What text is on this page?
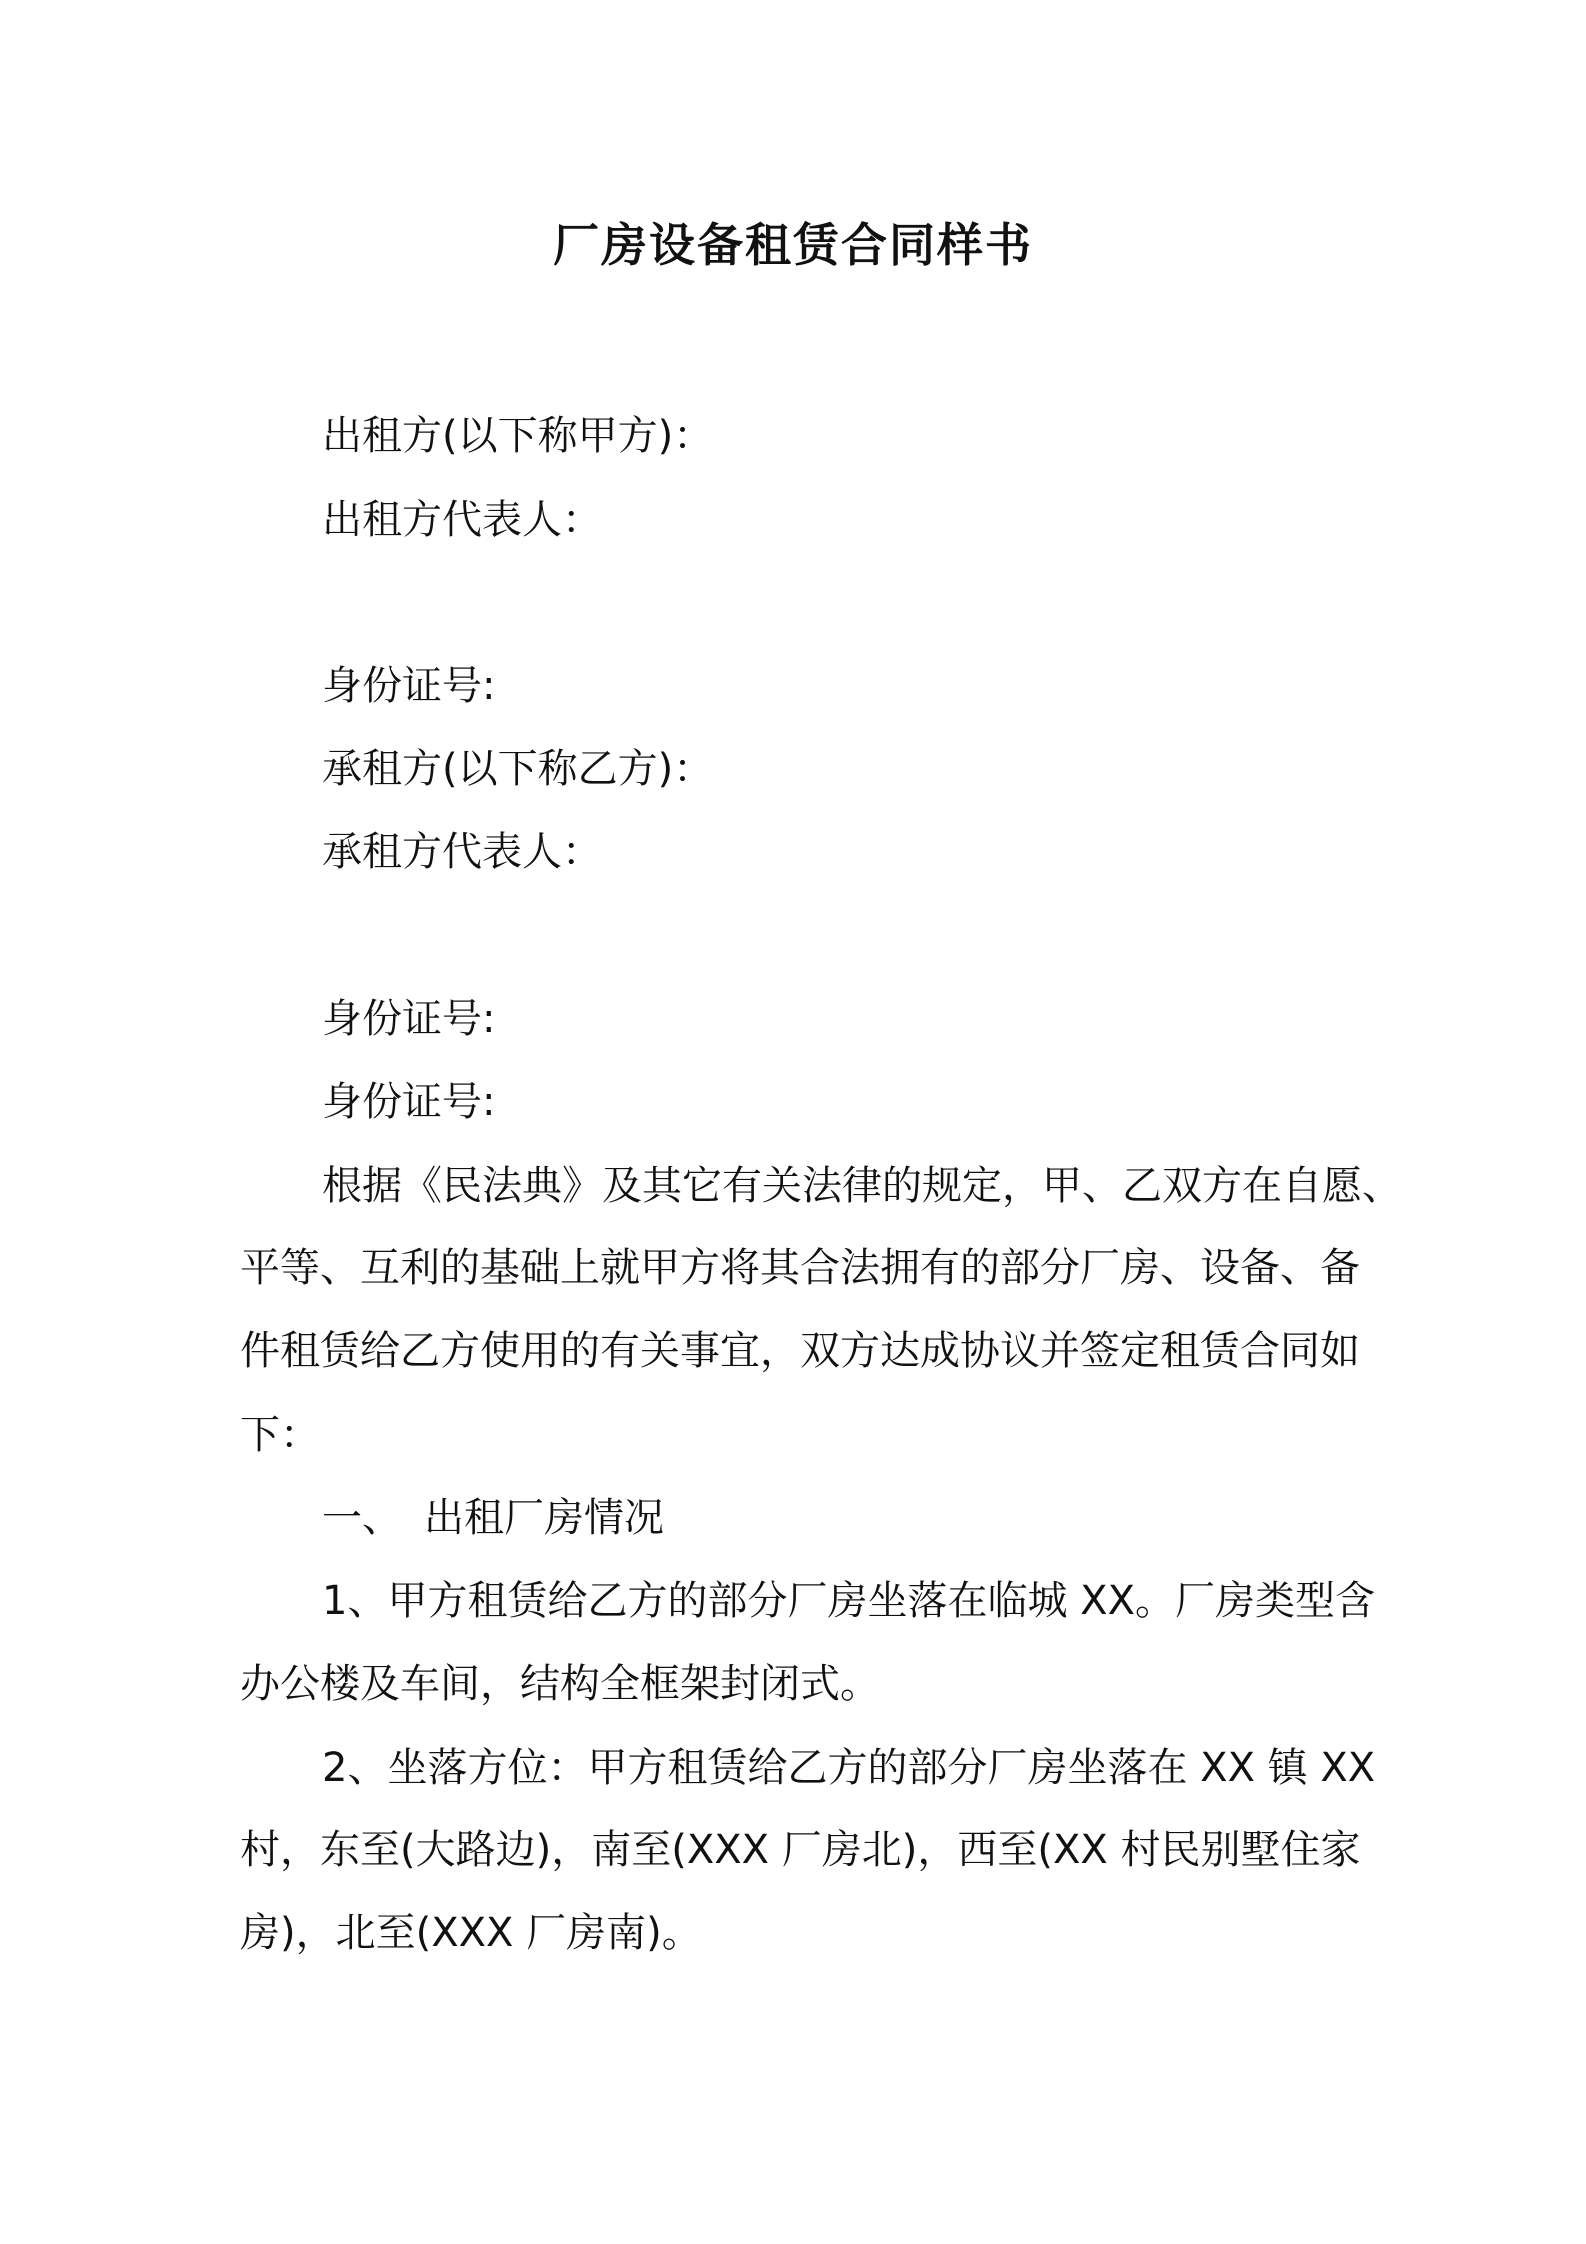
厂房设备租赁合同样书
出租方(以下称甲方)：
出租方代表人：
身份证号:
承租方(以下称乙方)：
承租方代表人：
身份证号:
身份证号:
根据《民法典》及其它有关法律的规定，甲、乙双方在自愿、
平等、互利的基础上就甲方将其合法拥有的部分厂房、设备、备
件租赁给乙方使用的有关事宜，双方达成协议并签定租赁合同如
下：
一、 出租厂房情况
1、甲方租赁给乙方的部分厂房坐落在临城 XX。厂房类型含
办公楼及车间，结构全框架封闭式。
2、坐落方位：甲方租赁给乙方的部分厂房坐落在 XX 镇 XX
村，东至(大路边)，南至(XXX 厂房北)，西至(XX 村民别墅住家
房)，北至(XXX 厂房南)。
